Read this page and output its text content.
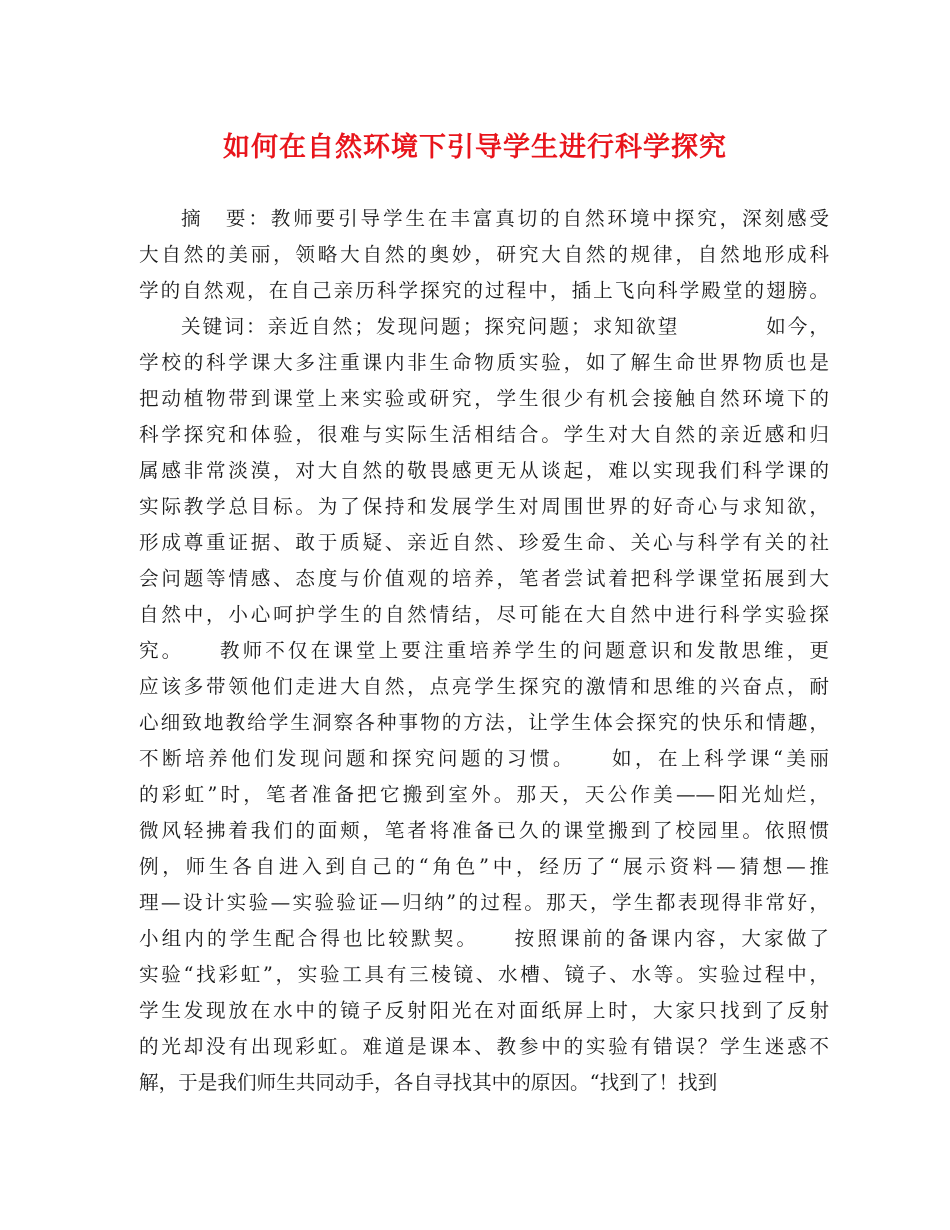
如何在自然环境下引导学生进行科学探究
摘　要：教师要引导学生在丰富真切的自然环境中探究，深刻感受
大自然的美丽，领略大自然的奥妙，研究大自然的规律，自然地形成科
学的自然观，在自己亲历科学探究的过程中，插上飞向科学殿堂的翅膀。
关键词：亲近自然；发现问题；探究问题；求知欲望　　　　如今，
学校的科学课大多注重课内非生命物质实验，如了解生命世界物质也是
把动植物带到课堂上来实验或研究，学生很少有机会接触自然环境下的
科学探究和体验，很难与实际生活相结合。学生对大自然的亲近感和归
属感非常淡漠，对大自然的敬畏感更无从谈起，难以实现我们科学课的
实际教学总目标。为了保持和发展学生对周围世界的好奇心与求知欲，
形成尊重证据、敢于质疑、亲近自然、珍爱生命、关心与科学有关的社
会问题等情感、态度与价值观的培养，笔者尝试着把科学课堂拓展到大
自然中，小心呵护学生的自然情结，尽可能在大自然中进行科学实验探
究。　　教师不仅在课堂上要注重培养学生的问题意识和发散思维，更
应该多带领他们走进大自然，点亮学生探究的激情和思维的兴奋点，耐
心细致地教给学生洞察各种事物的方法，让学生体会探究的快乐和情趣，
不断培养他们发现问题和探究问题的习惯。　　如，在上科学课“美丽
的彩虹”时，笔者准备把它搬到室外。那天，天公作美——阳光灿烂，
微风轻拂着我们的面颊，笔者将准备已久的课堂搬到了校园里。依照惯
例，师生各自进入到自己的“角色”中，经历了“展示资料—猜想—推
理—设计实验—实验验证—归纳”的过程。那天，学生都表现得非常好，
小组内的学生配合得也比较默契。　　按照课前的备课内容，大家做了
实验“找彩虹”，实验工具有三棱镜、水槽、镜子、水等。实验过程中，
学生发现放在水中的镜子反射阳光在对面纸屏上时，大家只找到了反射
的光却没有出现彩虹。难道是课本、教参中的实验有错误？学生迷惑不
解，于是我们师生共同动手，各自寻找其中的原因。“找到了！找到
